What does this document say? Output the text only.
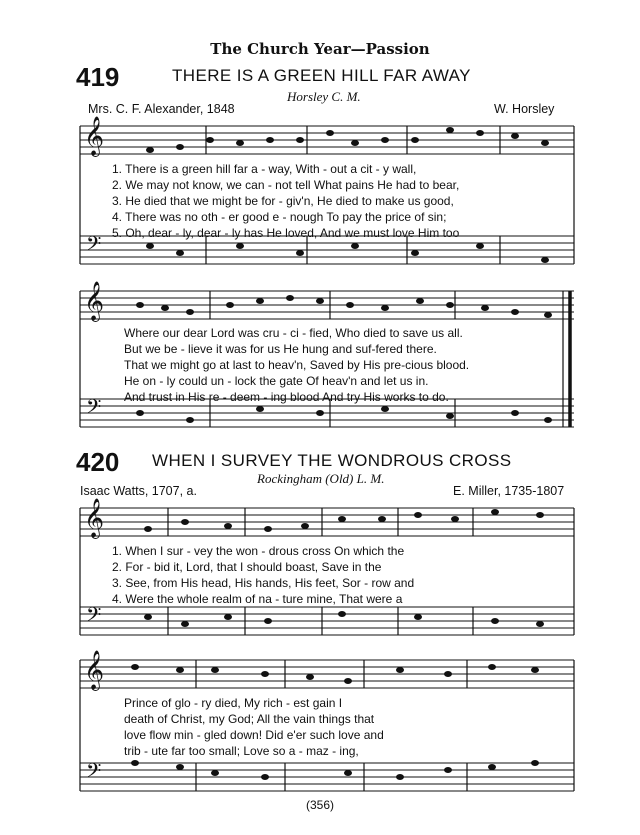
The Church Year—Passion
419	THERE IS A GREEN HILL FAR AWAY
Horsley C. M.
Mrs. C. F. Alexander, 1848	W. Horsley
𝄞
𝄢
1. There is a green hill far a - way, With - out a cit - y wall,
2. We may not know, we can - not tell What pains He had to bear,
3. He died that we might be for - giv'n, He died to make us good,
4. There was no oth - er good e - nough To pay the price of sin;
5. Oh, dear - ly, dear - ly has He loved, And we must love Him too
𝄞
𝄢
Where our dear Lord was cru - ci - fied, Who died to save us all.
But we be - lieve it was for us He hung and suf-fered there.
That we might go at last to heav'n, Saved by His pre-cious blood.
He on - ly could un - lock the gate Of heav'n and let us in.
And trust in His re - deem - ing blood And try His works to do.
420 WHEN I SURVEY THE WONDROUS CROSS
Rockingham (Old) L. M.
Isaac Watts, 1707, a.	E. Miller, 1735-1807
𝄞
𝄢
1. When I sur - vey the won - drous cross On which the
2. For - bid it, Lord, that I should boast, Save in the
3. See, from His head, His hands, His feet, Sor - row and
4. Were the whole realm of na - ture mine, That were a
𝄞
𝄢
Prince of glo - ry died, My rich - est gain I
death of Christ, my God; All the vain things that
love flow min - gled down! Did e'er such love and
trib - ute far too small; Love so a - maz - ing,
(356)
